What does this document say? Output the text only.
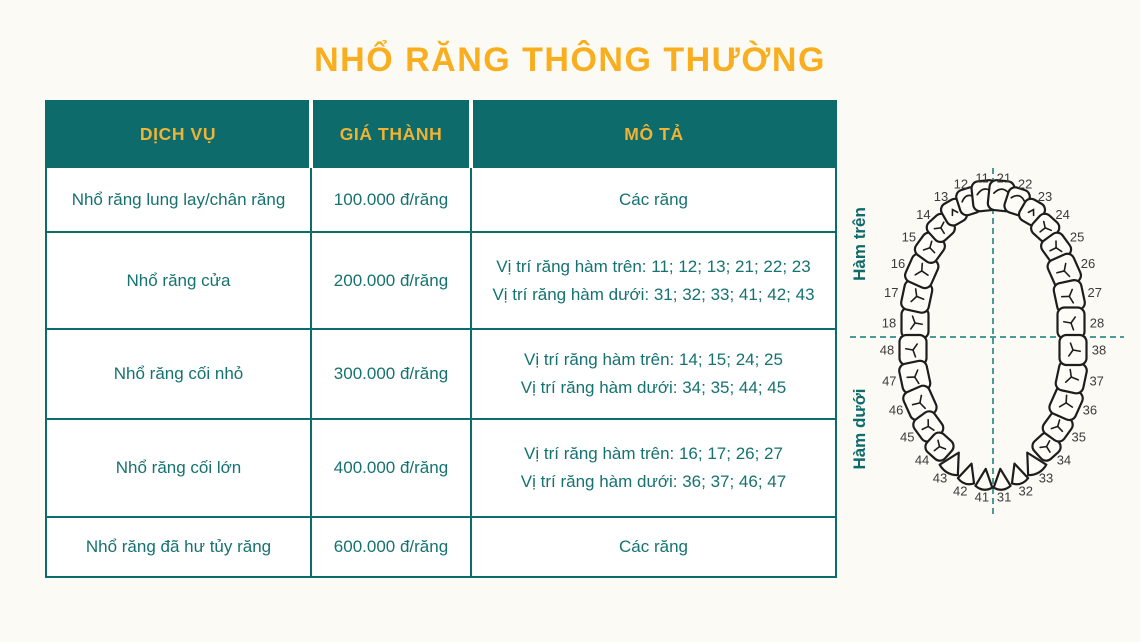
NHỔ RĂNG THÔNG THƯỜNG
DỊCH VỤ	GIÁ THÀNH	MÔ TẢ
Nhổ răng lung lay/chân răng	100.000 đ/răng	Các răng

Nhổ răng cửa	200.000 đ/răng	Vị trí răng hàm trên: 11; 12; 13; 21; 22; 23
Vị trí răng hàm dưới: 31; 32; 33; 41; 42; 43

Nhổ răng cối nhỏ	300.000 đ/răng	Vị trí răng hàm trên: 14; 15; 24; 25
Vị trí răng hàm dưới: 34; 35; 44; 45

Nhổ răng cối lớn	400.000 đ/răng	Vị trí răng hàm trên: 16; 17; 26; 27
Vị trí răng hàm dưới: 36; 37; 46; 47

Nhổ răng đã hư tủy răng	600.000 đ/răng	Các răng
18
17
16
15
14
13
12 11 21 22
23
24
25
26
27
28
48
47
46
45
44
43
42 41 31 32
33
34
35
36
37
38
Hàm trên
Hàm dưới
